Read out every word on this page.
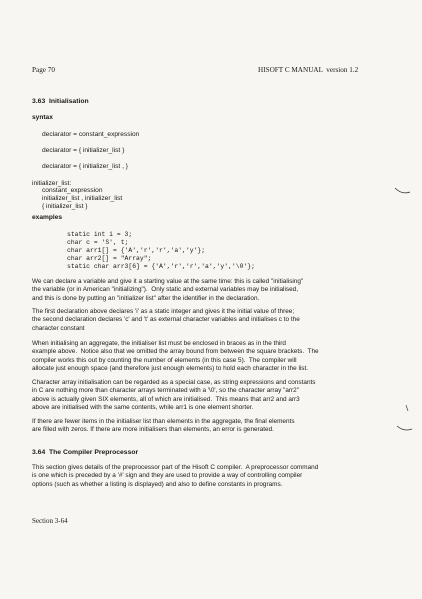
Page 70	HISOFT C MANUAL  version 1.2
3.63  Initialisation
syntax
declarator = constant_expression
declarator = { initializer_list }
declarator = { initializer_list , }
initializer_list:
constant_expression
initializer_list , initializer_list
{ initializer_list }
examples
static int i = 3;
char c = 'S', t;
char arr1[] = {'A','r','r','a','y'};
char arr2[] = "Array";
static char arr3[6] = {'A','r','r','a','y','\0'};
We can declare a variable and give it a starting value at the same time: this is called "initialising"
the variable (or in American "initializing").  Only static and external variables may be initialised,
and this is done by putting an "initializer list" after the identifier in the declaration.
The first declaration above declares 'i' as a static integer and gives it the initial value of three;
the second declaration declares 'c' and 't' as external character variables and initialises c to the
character constant
When initialising an aggregate, the initialiser list must be enclosed in braces as in the third
example above.  Notice also that we omitted the array bound from between the square brackets.  The
compiler works this out by counting the number of elements (in this case 5).  The compiler will
allocate just enough space (and therefore just enough elements) to hold each character in the list.
Character array initialisation can be regarded as a special case, as string expressions and constants
in C are nothing more than character arrays terminated with a '\0', so the character array "arr2"
above is actually given SIX elements, all of which are initialised.  This means that arr2 and arr3
above are initialised with the same contents, while arr1 is one element shorter.
If there are fewer items in the initialiser list than elements in the aggregate, the final elements
are filled with zeros. If there are more initialisers than elements, an error is generated.
3.64  The Compiler Preprocessor
This section gives details of the preprocessor part of the Hisoft C compiler.  A preprocessor command
is one which is preceded by a '#' sign and they are used to provide a way of controlling compiler
options (such as whether a listing is displayed) and also to define constants in programs.
Section 3-64
